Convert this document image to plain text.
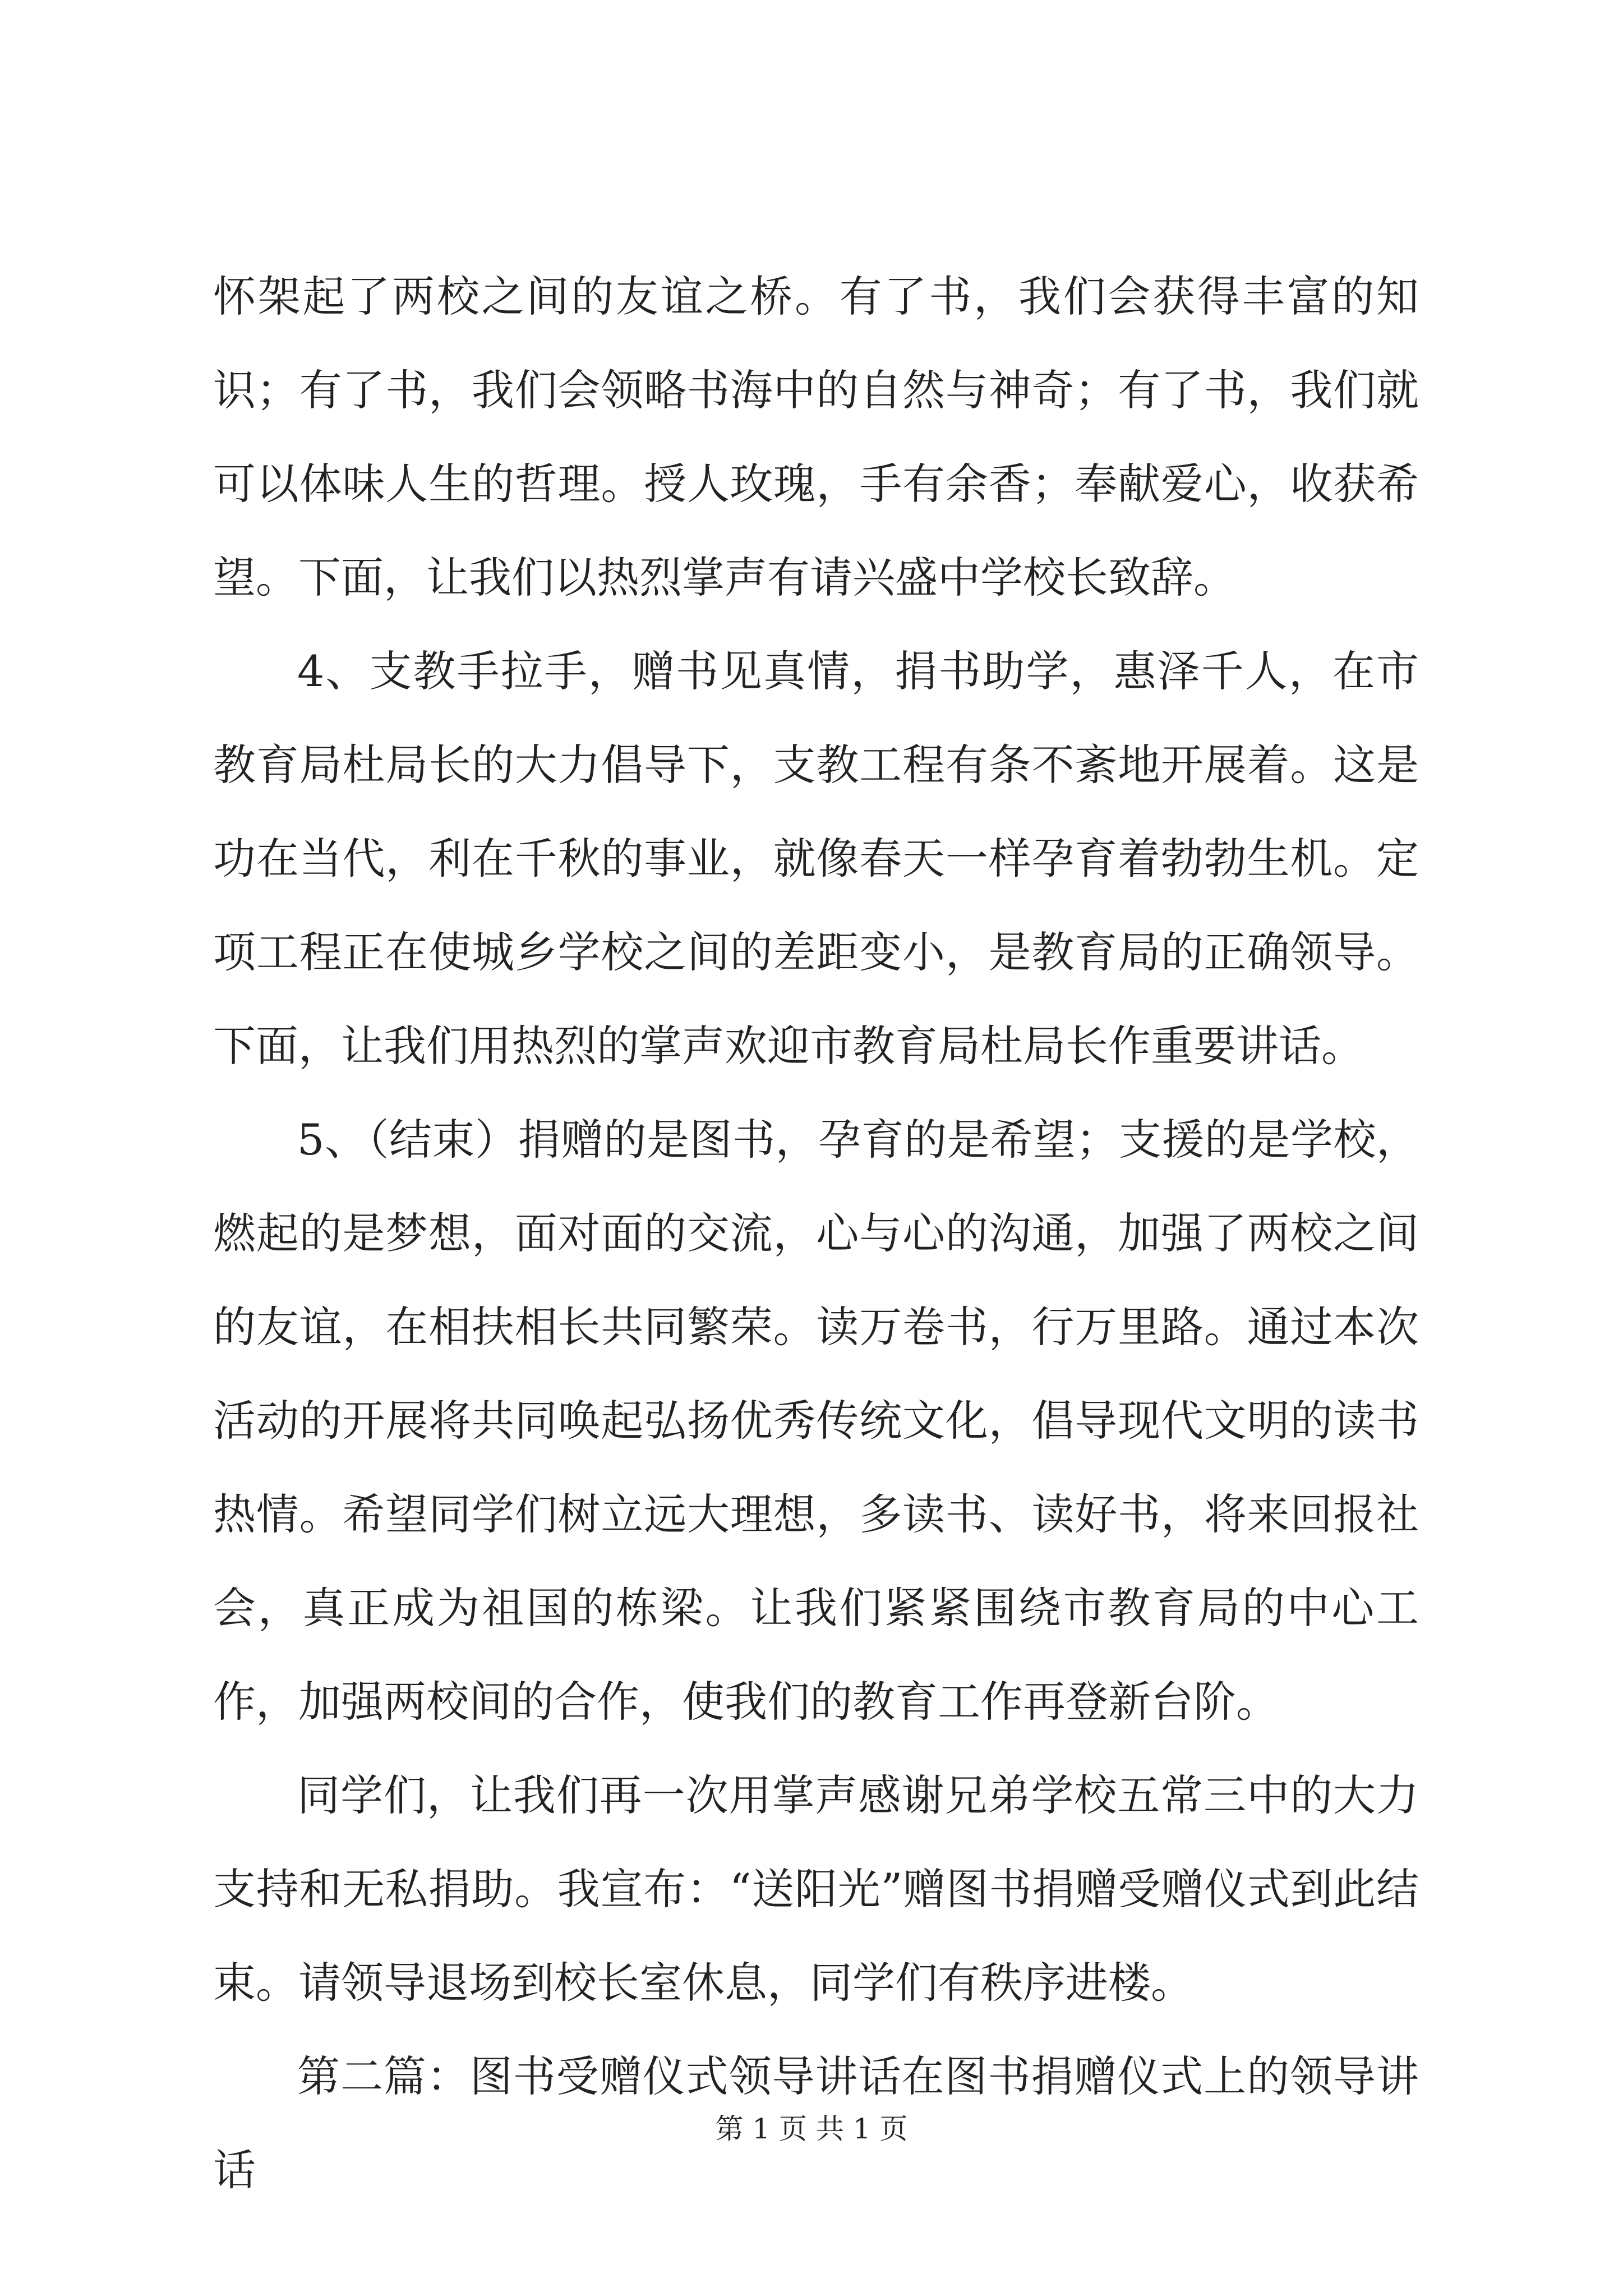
怀架起了两校之间的友谊之桥。有了书，我们会获得丰富的知识；有了书，我们会领略书海中的自然与神奇；有了书，我们就可以体味人生的哲理。授人玫瑰，手有余香；奉献爱心，收获希望。下面，让我们以热烈掌声有请兴盛中学校长致辞。

4、支教手拉手，赠书见真情，捐书助学，惠泽千人，在市教育局杜局长的大力倡导下，支教工程有条不紊地开展着。这是功在当代，利在千秋的事业，就像春天一样孕育着勃勃生机。定项工程正在使城乡学校之间的差距变小，是教育局的正确领导。下面，让我们用热烈的掌声欢迎市教育局杜局长作重要讲话。

5、（结束）捐赠的是图书，孕育的是希望；支援的是学校，燃起的是梦想，面对面的交流，心与心的沟通，加强了两校之间的友谊，在相扶相长共同繁荣。读万卷书，行万里路。通过本次活动的开展将共同唤起弘扬优秀传统文化，倡导现代文明的读书热情。希望同学们树立远大理想，多读书、读好书，将来回报社会，真正成为祖国的栋梁。让我们紧紧围绕市教育局的中心工作，加强两校间的合作，使我们的教育工作再登新台阶。

同学们，让我们再一次用掌声感谢兄弟学校五常三中的大力支持和无私捐助。我宣布：“送阳光”赠图书捐赠受赠仪式到此结束。请领导退场到校长室休息，同学们有秩序进楼。

第二篇：图书受赠仪式领导讲话在图书捐赠仪式上的领导讲话

第 1 页 共 1 页
